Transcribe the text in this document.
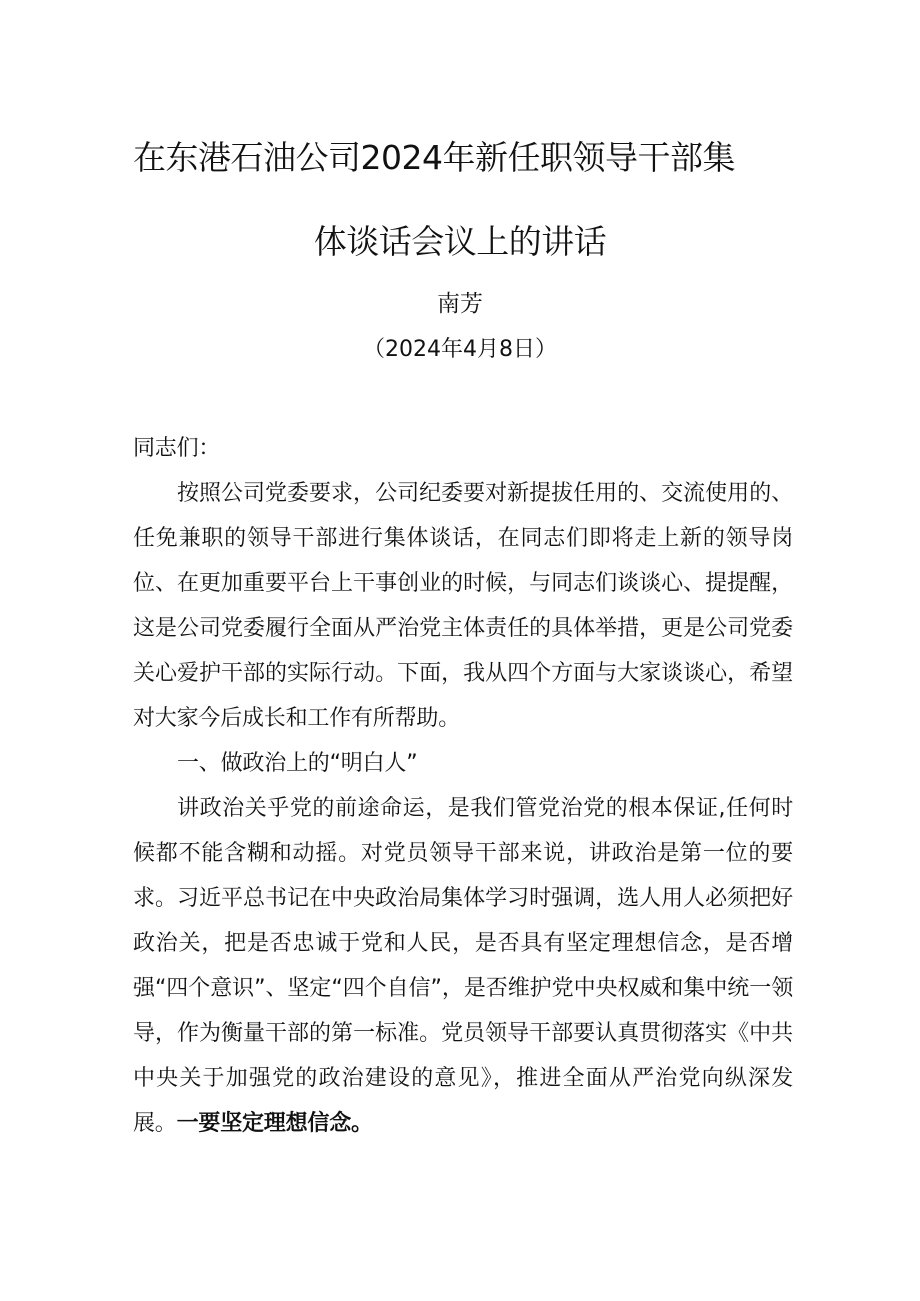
在东港石油公司2024年新任职领导干部集
体谈话会议上的讲话
南芳
（2024年4月8日）

同志们：

按照公司党委要求，公司纪委要对新提拔任用的、交流使用的、任免兼职的领导干部进行集体谈话，在同志们即将走上新的领导岗位、在更加重要平台上干事创业的时候，与同志们谈谈心、提提醒，这是公司党委履行全面从严治党主体责任的具体举措，更是公司党委关心爱护干部的实际行动。下面，我从四个方面与大家谈谈心，希望对大家今后成长和工作有所帮助。

一、做政治上的“明白人”

讲政治关乎党的前途命运，是我们管党治党的根本保证,任何时候都不能含糊和动摇。对党员领导干部来说，讲政治是第一位的要求。习近平总书记在中央政治局集体学习时强调，选人用人必须把好政治关，把是否忠诚于党和人民，是否具有坚定理想信念，是否增强“四个意识”、坚定“四个自信”，是否维护党中央权威和集中统一领导，作为衡量干部的第一标准。党员领导干部要认真贯彻落实《中共中央关于加强党的政治建设的意见》，推进全面从严治党向纵深发展。一要坚定理想信念。
